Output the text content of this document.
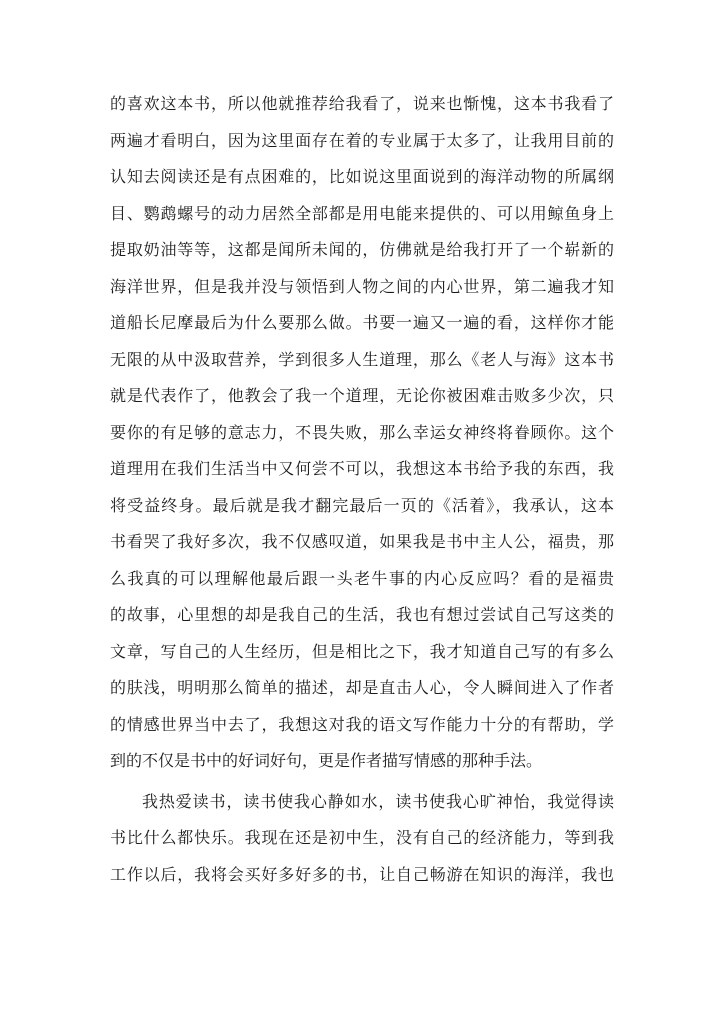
的喜欢这本书，所以他就推荐给我看了，说来也惭愧，这本书我看了
两遍才看明白，因为这里面存在着的专业属于太多了，让我用目前的
认知去阅读还是有点困难的，比如说这里面说到的海洋动物的所属纲
目、鹦鹉螺号的动力居然全部都是用电能来提供的、可以用鲸鱼身上
提取奶油等等，这都是闻所未闻的，仿佛就是给我打开了一个崭新的
海洋世界，但是我并没与领悟到人物之间的内心世界，第二遍我才知
道船长尼摩最后为什么要那么做。书要一遍又一遍的看，这样你才能
无限的从中汲取营养，学到很多人生道理，那么《老人与海》这本书
就是代表作了，他教会了我一个道理，无论你被困难击败多少次，只
要你的有足够的意志力，不畏失败，那么幸运女神终将眷顾你。这个
道理用在我们生活当中又何尝不可以，我想这本书给予我的东西，我
将受益终身。最后就是我才翻完最后一页的《活着》，我承认，这本
书看哭了我好多次，我不仅感叹道，如果我是书中主人公，福贵，那
么我真的可以理解他最后跟一头老牛事的内心反应吗？看的是福贵
的故事，心里想的却是我自己的生活，我也有想过尝试自己写这类的
文章，写自己的人生经历，但是相比之下，我才知道自己写的有多么
的肤浅，明明那么简单的描述，却是直击人心，令人瞬间进入了作者
的情感世界当中去了，我想这对我的语文写作能力十分的有帮助，学
到的不仅是书中的好词好句，更是作者描写情感的那种手法。
我热爱读书，读书使我心静如水，读书使我心旷神怡，我觉得读
书比什么都快乐。我现在还是初中生，没有自己的经济能力，等到我
工作以后，我将会买好多好多的书，让自己畅游在知识的海洋，我也
